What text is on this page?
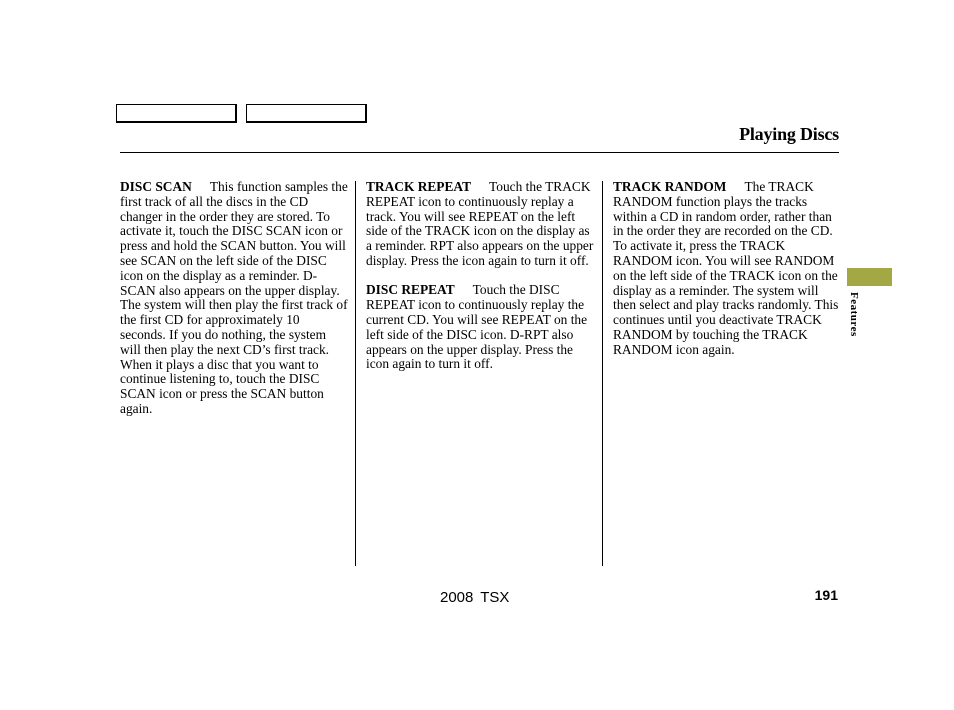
Playing Discs

DISC SCAN This function samples the first track of all the discs in the CD changer in the order they are stored. To activate it, touch the DISC SCAN icon or press and hold the SCAN button. You will see SCAN on the left side of the DISC icon on the display as a reminder. D-SCAN also appears on the upper display. The system will then play the first track of the first CD for approximately 10 seconds. If you do nothing, the system will then play the next CD’s first track. When it plays a disc that you want to continue listening to, touch the DISC SCAN icon or press the SCAN button again.

TRACK REPEAT Touch the TRACK REPEAT icon to continuously replay a track. You will see REPEAT on the left side of the TRACK icon on the display as a reminder. RPT also appears on the upper display. Press the icon again to turn it off.

DISC REPEAT Touch the DISC REPEAT icon to continuously replay the current CD. You will see REPEAT on the left side of the DISC icon. D-RPT also appears on the upper display. Press the icon again to turn it off.

TRACK RANDOM The TRACK RANDOM function plays the tracks within a CD in random order, rather than in the order they are recorded on the CD. To activate it, press the TRACK RANDOM icon. You will see RANDOM on the left side of the TRACK icon on the display as a reminder. The system will then select and play tracks randomly. This continues until you deactivate TRACK RANDOM by touching the TRACK RANDOM icon again.

Features
2008 TSX	191
